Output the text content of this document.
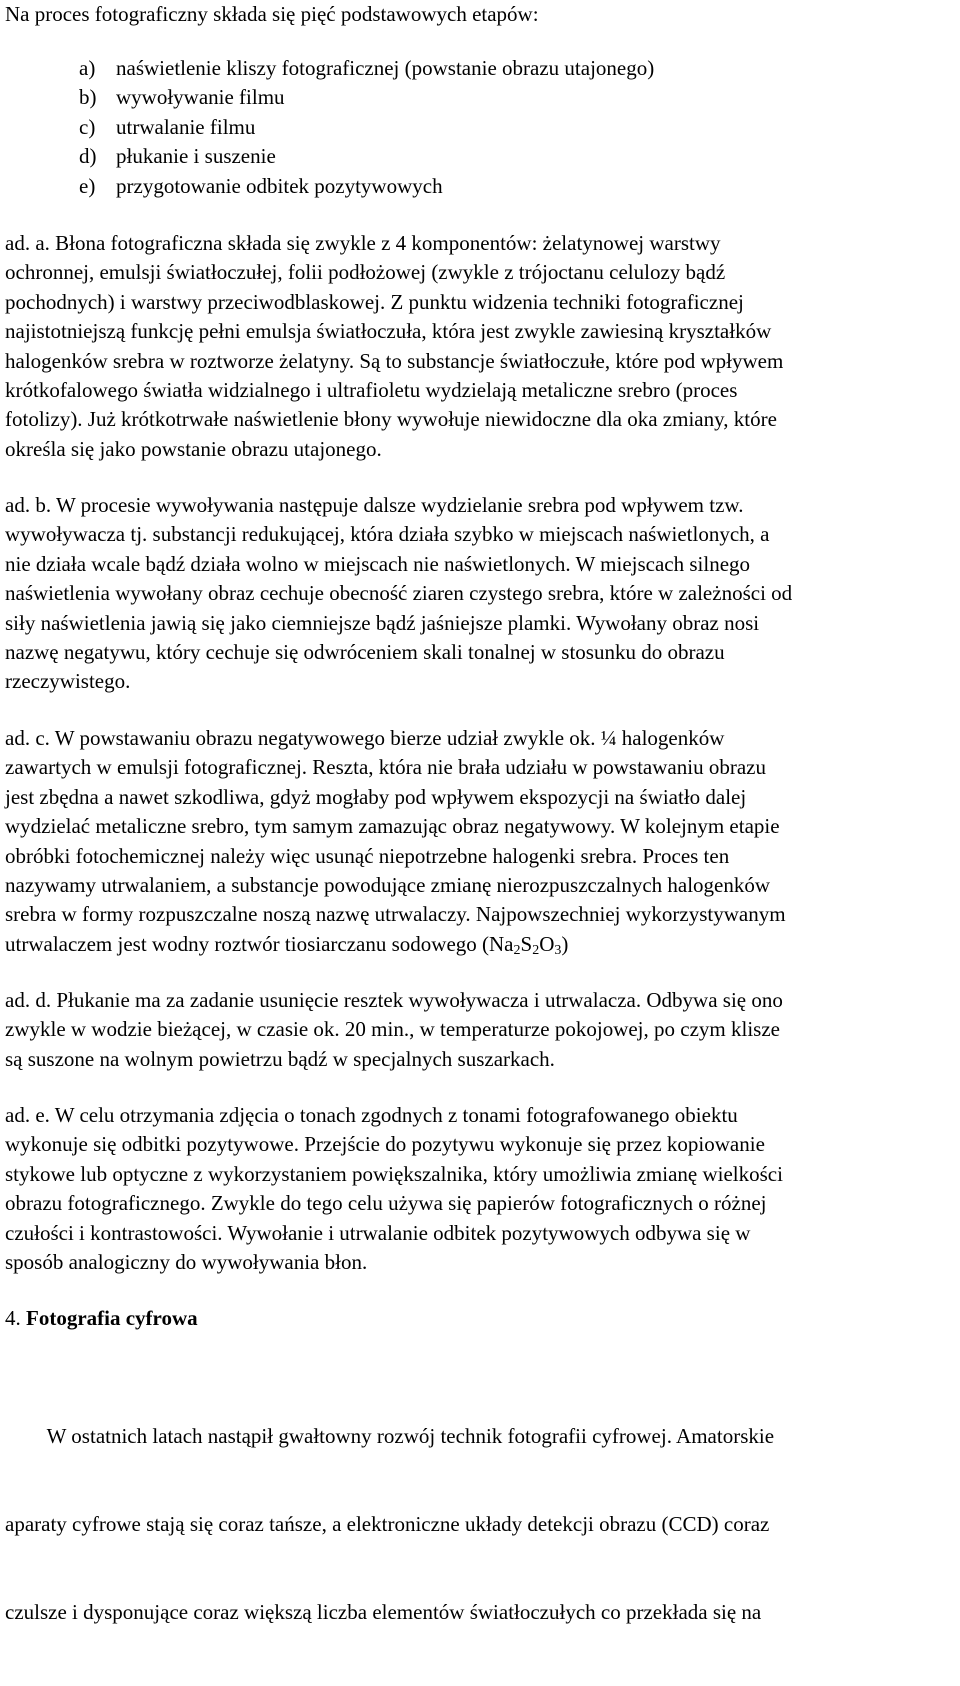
Na proces fotograficzny składa się pięć podstawowych etapów:
a) naświetlenie kliszy fotograficznej (powstanie obrazu utajonego)
b) wywoływanie filmu
c) utrwalanie filmu
d) płukanie i suszenie
e) przygotowanie odbitek pozytywowych
ad. a. Błona fotograficzna składa się zwykle z 4 komponentów: żelatynowej warstwy
ochronnej, emulsji światłoczułej, folii podłożowej (zwykle z trójoctanu celulozy bądź
pochodnych) i warstwy przeciwodblaskowej. Z punktu widzenia techniki fotograficznej
najistotniejszą funkcję pełni emulsja światłoczuła, która jest zwykle zawiesiną kryształków
halogenków srebra w roztworze żelatyny. Są to substancje światłoczułe, które pod wpływem
krótkofalowego światła widzialnego i ultrafioletu wydzielają metaliczne srebro (proces
fotolizy). Już krótkotrwałe naświetlenie błony wywołuje niewidoczne dla oka zmiany, które
określa się jako powstanie obrazu utajonego.
ad. b. W procesie wywoływania następuje dalsze wydzielanie srebra pod wpływem tzw.
wywoływacza tj. substancji redukującej, która działa szybko w miejscach naświetlonych, a
nie działa wcale bądź działa wolno w miejscach nie naświetlonych. W miejscach silnego
naświetlenia wywołany obraz cechuje obecność ziaren czystego srebra, które w zależności od
siły naświetlenia jawią się jako ciemniejsze bądź jaśniejsze plamki. Wywołany obraz nosi
nazwę negatywu, który cechuje się odwróceniem skali tonalnej w stosunku do obrazu
rzeczywistego.
ad. c. W powstawaniu obrazu negatywowego bierze udział zwykle ok. ¼ halogenków
zawartych w emulsji fotograficznej. Reszta, która nie brała udziału w powstawaniu obrazu
jest zbędna a nawet szkodliwa, gdyż mogłaby pod wpływem ekspozycji na światło dalej
wydzielać metaliczne srebro, tym samym zamazując obraz negatywowy. W kolejnym etapie
obróbki fotochemicznej należy więc usunąć niepotrzebne halogenki srebra. Proces ten
nazywamy utrwalaniem, a substancje powodujące zmianę nierozpuszczalnych halogenków
srebra w formy rozpuszczalne noszą nazwę utrwalaczy. Najpowszechniej wykorzystywanym
utrwalaczem jest wodny roztwór tiosiarczanu sodowego $(Na_2S_2O_3)$
ad. d. Płukanie ma za zadanie usunięcie resztek wywoływacza i utrwalacza. Odbywa się ono
zwykle w wodzie bieżącej, w czasie ok. 20 min., w temperaturze pokojowej, po czym klisze
są suszone na wolnym powietrzu bądź w specjalnych suszarkach.
ad. e. W celu otrzymania zdjęcia o tonach zgodnych z tonami fotografowanego obiektu
wykonuje się odbitki pozytywowe. Przejście do pozytywu wykonuje się przez kopiowanie
stykowe lub optyczne z wykorzystaniem powiększalnika, który umożliwia zmianę wielkości
obrazu fotograficznego. Zwykle do tego celu używa się papierów fotograficznych o różnej
czułości i kontrastowości. Wywołanie i utrwalanie odbitek pozytywowych odbywa się w
sposób analogiczny do wywoływania błon.
4. Fotografia cyfrowa

W ostatnich latach nastąpił gwałtowny rozwój technik fotografii cyfrowej. Amatorskie

aparaty cyfrowe stają się coraz tańsze, a elektroniczne układy detekcji obrazu (CCD) coraz

czulsze i dysponujące coraz większą liczba elementów światłoczułych co przekłada się na
